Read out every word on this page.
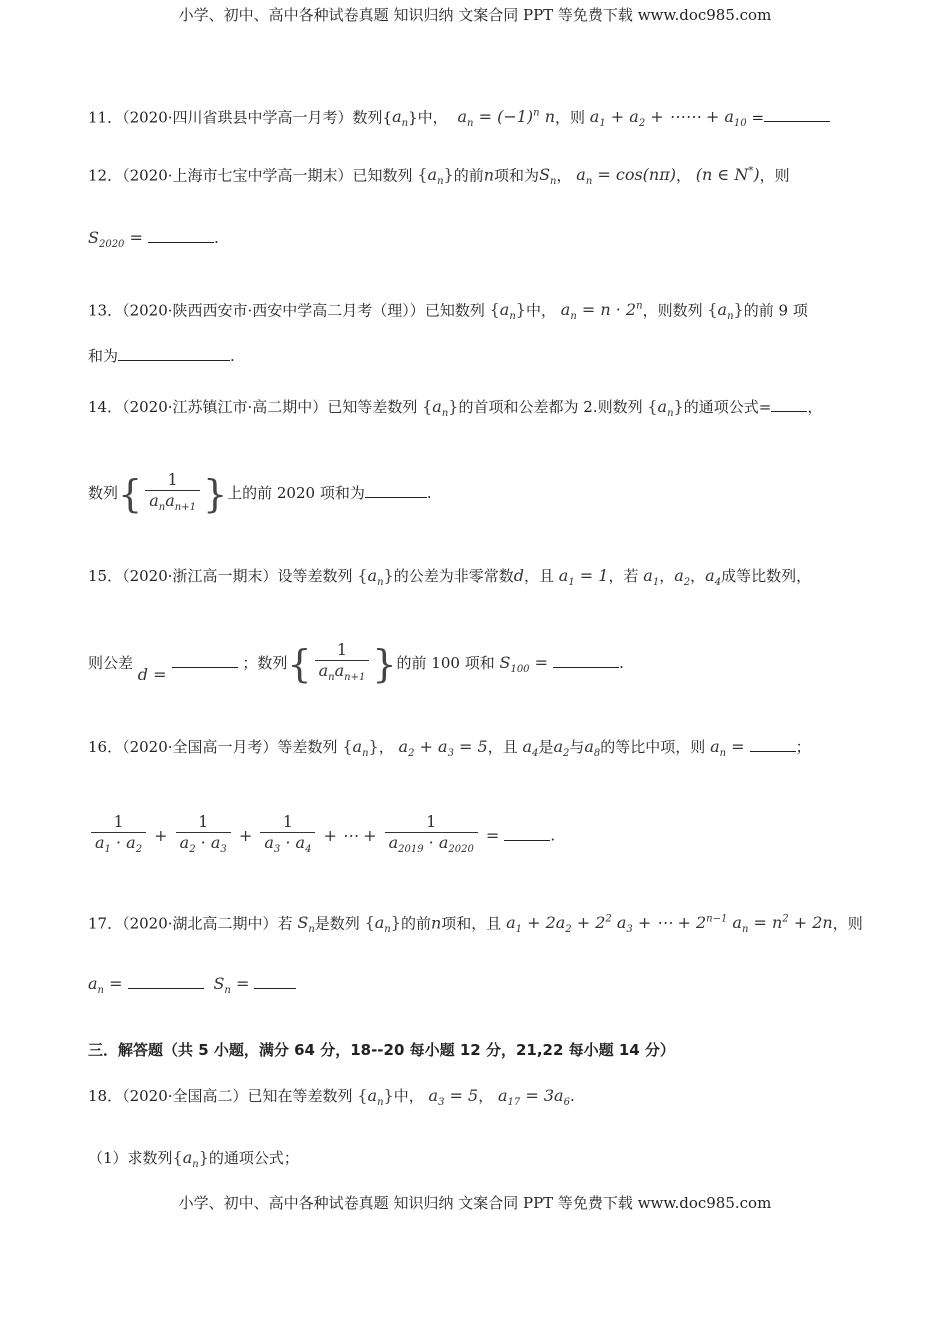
小学、初中、高中各种试卷真题 知识归纳 文案合同 PPT 等免费下载 www.doc985.com
11．（2020·四川省珙县中学高一月考）数列$\{a_n\}$中，  $a_n = (-1)^n$ n，则 $a_1 + a_2$ + ⋯⋯ + $a_{10}$ =
12．（2020·上海市七宝中学高一期末）已知数列 $\{a_n\}$的前n项和为$S_n$， $a_n = \cos(n\pi)$， (n ∈ N*)，则
$S_{2020}$ =	.
13．（2020·陕西西安市·西安中学高二月考（理））已知数列 $\{a_n\}$中， $a_n = n \cdot 2^n$，则数列 $\{a_n\}$的前 9 项
和为	.
14．（2020·江苏镇江市·高二期中）已知等差数列 $\{a_n\}$的首项和公差都为 2.则数列 $\{a_n\}$的通项公式= ，
数列{ $\frac{1}{a_na_{n+1}}$ }上的前 2020 项和为	.
15．（2020·浙江高一期末）设等差数列 $\{a_n\}$的公差为非零常数d，且 $a_1 = 1$，若 $a_1$，$a_2$，$a_4$成等比数列，
则公差 d =  ；数列{ $\frac{1}{a_na_{n+1}}$ }的前 100 项和 $S_{100}$ =	.
16．（2020·全国高一月考）等差数列 $\{a_n\}$， $a_2 + a_3 = 5$，且 $a_4$是$a_2$与$a_8$的等比中项，则 $a_n$ =	；
$\frac{1}{a_1 \cdot a_2} + \frac{1}{a_2 \cdot a_3} + \frac{1}{a_3 \cdot a_4}$ + ⋯ + $\frac{1}{a_{2019} \cdot a_{2020}}$ =	.
17．（2020·湖北高二期中）若 $S_n$是数列 $\{a_n\}$的前n项和，且 $a_1 + 2a_2 + 2^2$ $a_3$ + ⋯ + $2^{n-1}$ $a_n = n^2 + 2n$，则
$a_n$ =	$S_n$ =
三．解答题（共 5 小题，满分 64 分，18--20 每小题 12 分，21,22 每小题 14 分）
18．（2020·全国高二）已知在等差数列 $\{a_n\}$中， $a_3 = 5$， $a_{17} = 3a_6$.
（1）求数列$\{a_n\}$的通项公式；
小学、初中、高中各种试卷真题 知识归纳 文案合同 PPT 等免费下载 www.doc985.com
